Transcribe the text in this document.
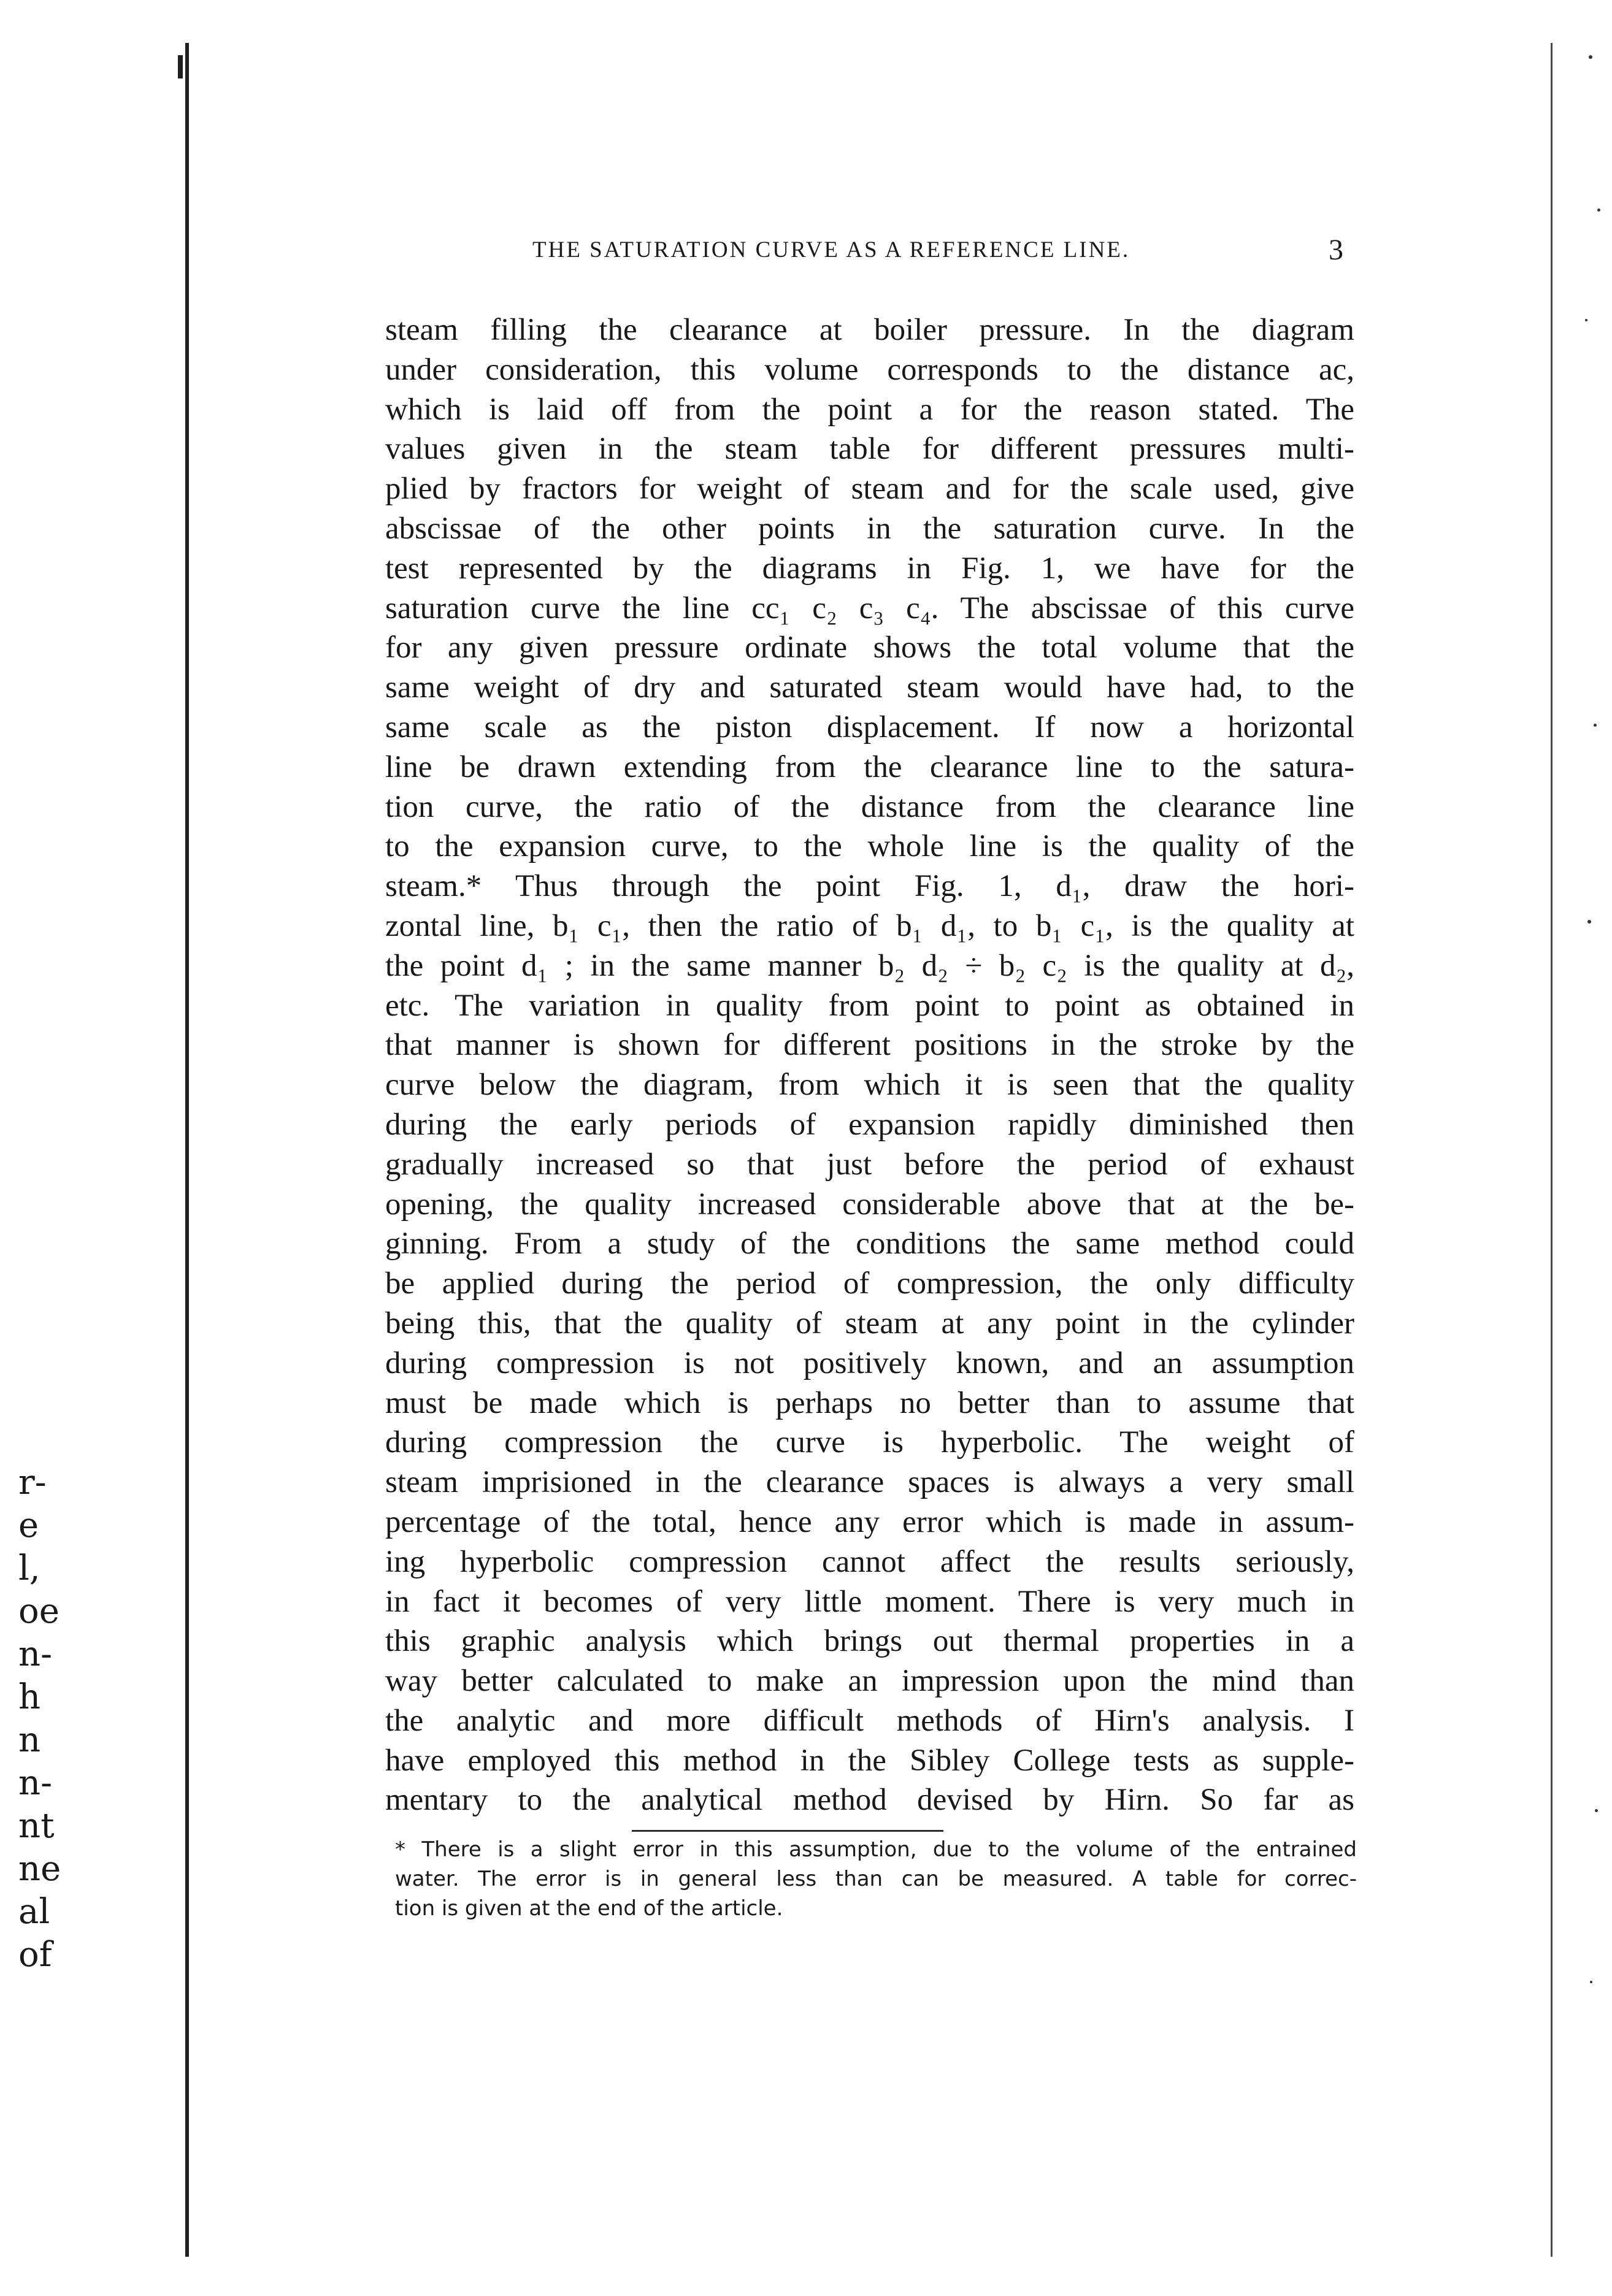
r-
e
l,
oe
n-
h
n
n-
nt
ne
al
of
THE SATURATION CURVE AS A REFERENCE LINE.	3
steam filling the clearance at boiler pressure. In the diagram
under consideration, this volume corresponds to the distance ac,
which is laid off from the point a for the reason stated. The
values given in the steam table for different pressures multi-
plied by fractors for weight of steam and for the scale used, give
abscissae of the other points in the saturation curve. In the
test represented by the diagrams in Fig. 1, we have for the
saturation curve the line cc₁ c₂ c₃ c₄. The abscissae of this curve
for any given pressure ordinate shows the total volume that the
same weight of dry and saturated steam would have had, to the
same scale as the piston displacement. If now a horizontal
line be drawn extending from the clearance line to the satura-
tion curve, the ratio of the distance from the clearance line
to the expansion curve, to the whole line is the quality of the
steam.* Thus through the point Fig. 1, d₁, draw the hori-
zontal line, b₁ c₁, then the ratio of b₁ d₁, to b₁ c₁, is the quality at
the point d₁ ; in the same manner b₂ d₂ ÷ b₂ c₂ is the quality at d₂,
etc. The variation in quality from point to point as obtained in
that manner is shown for different positions in the stroke by the
curve below the diagram, from which it is seen that the quality
during the early periods of expansion rapidly diminished then
gradually increased so that just before the period of exhaust
opening, the quality increased considerable above that at the be-
ginning. From a study of the conditions the same method could
be applied during the period of compression, the only difficulty
being this, that the quality of steam at any point in the cylinder
during compression is not positively known, and an assumption
must be made which is perhaps no better than to assume that
during compression the curve is hyperbolic. The weight of
steam imprisioned in the clearance spaces is always a very small
percentage of the total, hence any error which is made in assum-
ing hyperbolic compression cannot affect the results seriously,
in fact it becomes of very little moment. There is very much in
this graphic analysis which brings out thermal properties in a
way better calculated to make an impression upon the mind than
the analytic and more difficult methods of Hirn's analysis. I
have employed this method in the Sibley College tests as supple-
mentary to the analytical method devised by Hirn. So far as
* There is a slight error in this assumption, due to the volume of the entrained
water. The error is in general less than can be measured. A table for correc-
tion is given at the end of the article.
